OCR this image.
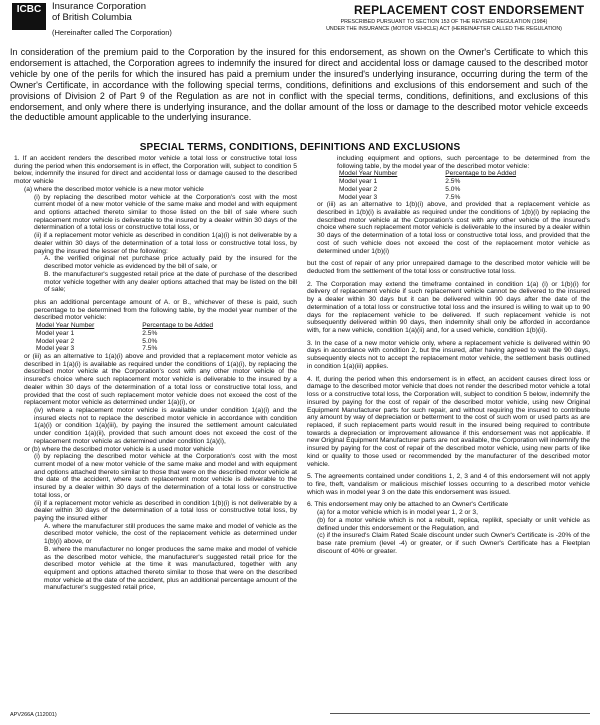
ICBC	Insurance Corporation
of British Columbia
(Hereinafter called The Corporation)
REPLACEMENT COST ENDORSEMENT
PRESCRIBED PURSUANT TO SECTION 153 OF THE REVISED REGULATION (1984)
UNDER THE INSURANCE (MOTOR VEHICLE) ACT (HEREINAFTER CALLED THE REGULATION)
In consideration of the premium paid to the Corporation by the insured for this endorsement, as shown on the Owner's Certificate to which this endorsement is attached, the Corporation agrees to indemnify the insured for direct and accidental loss or damage caused to the described motor vehicle by one of the perils for which the insured has paid a premium under the insured's underlying insurance, occurring during the term of the Owner's Certificate, in accordance with the following special terms, conditions, definitions and exclusions of this endorsement and such of the provisions of Division 2 of Part 9 of the Regulation as are not in conflict with the special terms, conditions, definitions, and exclusions of this endorsement, and only where there is underlying insurance, and the dollar amount of the loss or damage to the described motor vehicle exceeds the deductible amount applicable to the underlying insurance.
SPECIAL TERMS, CONDITIONS, DEFINITIONS AND EXCLUSIONS

1. If an accident renders the described motor vehicle a total loss or constructive total loss during the period when this endorsement is in effect, the Corporation will, subject to condition 5 below, indemnify the insured for direct and accidental loss or damage caused to the described motor vehicle

(a) where the described motor vehicle is a new motor vehicle

(i) by replacing the described motor vehicle at the Corporation's cost with the most current model of a new motor vehicle of the same make and model and with equipment and options attached thereto similar to those listed on the bill of sale where such replacement motor vehicle is deliverable to the insured by a dealer within 30 days of the determination of a total loss or constructive total loss, or

(ii) if a replacement motor vehicle as described in condition 1(a)(i) is not deliverable by a dealer within 30 days of the determination of a total loss or constructive total loss, by paying the insured the lesser of the following:

A. the verified original net purchase price actually paid by the insured for the described motor vehicle as evidenced by the bill of sale, or

B. the manufacturer's suggested retail price at the date of purchase of the described motor vehicle together with any dealer options attached that may be listed on the bill of sale;

plus an additional percentage amount of A. or B., whichever of these is paid, such percentage to be determined from the following table, by the model year number of the described motor vehicle:

Model Year Number	Percentage to be Added
Model year 1	2.5%
Model year 2	5.0%
Model year 3	7.5%

or (iii) as an alternative to 1(a)(i) above and provided that a replacement motor vehicle as described in 1(a)(i) is available as required under the conditions of 1(a)(i), by replacing the described motor vehicle at the Corporation's cost with any other motor vehicle of the insured's choice where such replacement motor vehicle is deliverable to the insured by a dealer within 30 days of the determination of a total loss or constructive total loss, and provided that the cost of such replacement motor vehicle does not exceed the cost of the replacement motor vehicle as determined under 1(a)(i), or

(iv) where a replacement motor vehicle is available under condition 1(a)(i) and the insured elects not to replace the described motor vehicle in accordance with condition 1(a)(i) or condition 1(a)(iii), by paying the insured the settlement amount calculated under condition 1(a)(ii), provided that such amount does not exceed the cost of the replacement motor vehicle as determined under condition 1(a)(i),

or (b) where the described motor vehicle is a used motor vehicle

(i) by replacing the described motor vehicle at the Corporation's cost with the most current model of a new motor vehicle of the same make and model and with equipment and options attached thereto similar to those that were on the described motor vehicle at the date of the accident, where such replacement motor vehicle is deliverable to the insured by a dealer within 30 days of the determination of a total loss or constructive total loss, or

(ii) if a replacement motor vehicle as described in condition 1(b)(i) is not deliverable by a dealer within 30 days of the determination of a total loss or constructive total loss, by paying the insured either

A. where the manufacturer still produces the same make and model of vehicle as the described motor vehicle, the cost of the replacement vehicle as determined under 1(b)(i) above, or

B. where the manufacturer no longer produces the same make and model of vehicle as the described motor vehicle, the manufacturer's suggested retail price for the described motor vehicle at the time it was manufactured, together with any equipment and options attached thereto similar to those that were on the described motor vehicle at the date of the accident, plus an additional percentage amount of the manufacturer's suggested retail price,

including equipment and options, such percentage to be determined from the following table, by the model year of the described motor vehicle:

Model Year Number	Percentage to be Added
Model year 1	2.5%
Model year 2	5.0%
Model year 3	7.5%

or (iii) as an alternative to 1(b)(i) above, and provided that a replacement vehicle as described in 1(b)(i) is available as required under the conditions of 1(b)(i) by replacing the described motor vehicle at the Corporation's cost with any other vehicle of the insured's choice where such replacement motor vehicle is deliverable to the insured by a dealer within 30 days of the determination of a total loss or constructive total loss, and provided that the cost of such vehicle does not exceed the cost of the replacement motor vehicle as determined under 1(b)(i)

but the cost of repair of any prior unrepaired damage to the described motor vehicle will be deducted from the settlement of the total loss or constructive total loss.

2. The Corporation may extend the timeframe contained in condition 1(a) (i) or 1(b)(i) for delivery of replacement vehicle if such replacement vehicle cannot be delivered to the insured by a dealer within 30 days but it can be delivered within 90 days after the date of the determination of a total loss or constructive total loss and the insured is willing to wait up to 90 days for the replacement vehicle to be delivered. If such replacement vehicle is not subsequently delivered within 90 days, then indemnity shall only be afforded in accordance with, for a new vehicle, condition 1(a)(ii) and, for a used vehicle, condition 1(b)(ii).

3. In the case of a new motor vehicle only, where a replacement vehicle is delivered within 90 days in accordance with condition 2, but the insured, after having agreed to wait the 90 days, subsequently elects not to accept the replacement motor vehicle, the settlement basis outlined in condition 1(a)(iii) applies.

4. If, during the period when this endorsement is in effect, an accident causes direct loss or damage to the described motor vehicle that does not render the described motor vehicle a total loss or a constructive total loss, the Corporation will, subject to condition 5 below, indemnify the insured by paying for the cost of repair of the described motor vehicle, using new Original Equipment Manufacturer parts for such repair, and without requiring the insured to contribute any amount by way of depreciation or betterment to the cost of such worn or used parts as are replaced, if such replacement parts would result in the insured being required to contribute towards a depreciation or improvement allowance if this endorsement was not applicable. If new Original Equipment Manufacturer parts are not available, the Corporation will indemnify the insured by paying for the cost of repair of the described motor vehicle, using new parts of like kind or quality to those used or recommended by the manufacturer of the described motor vehicle.

5. The agreements contained under conditions 1, 2, 3 and 4 of this endorsement will not apply to fire, theft, vandalism or malicious mischief losses occurring to a described motor vehicle which was in model year 3 on the date this endorsement was issued.

6. This endorsement may only be attached to an Owner's Certificate

(a) for a motor vehicle which is in model year 1, 2 or 3,

(b) for a motor vehicle which is not a rebuilt, replica, replikit, specialty or unlit vehicle as defined under this endorsement or the Regulation, and

(c) if the insured's Claim Rated Scale discount under such Owner's Certificate is -20% of the base rate premium (level -4) or greater, or if such Owner's Certificate has a Fleetplan discount of 40% or greater.

APV266A (112001)
